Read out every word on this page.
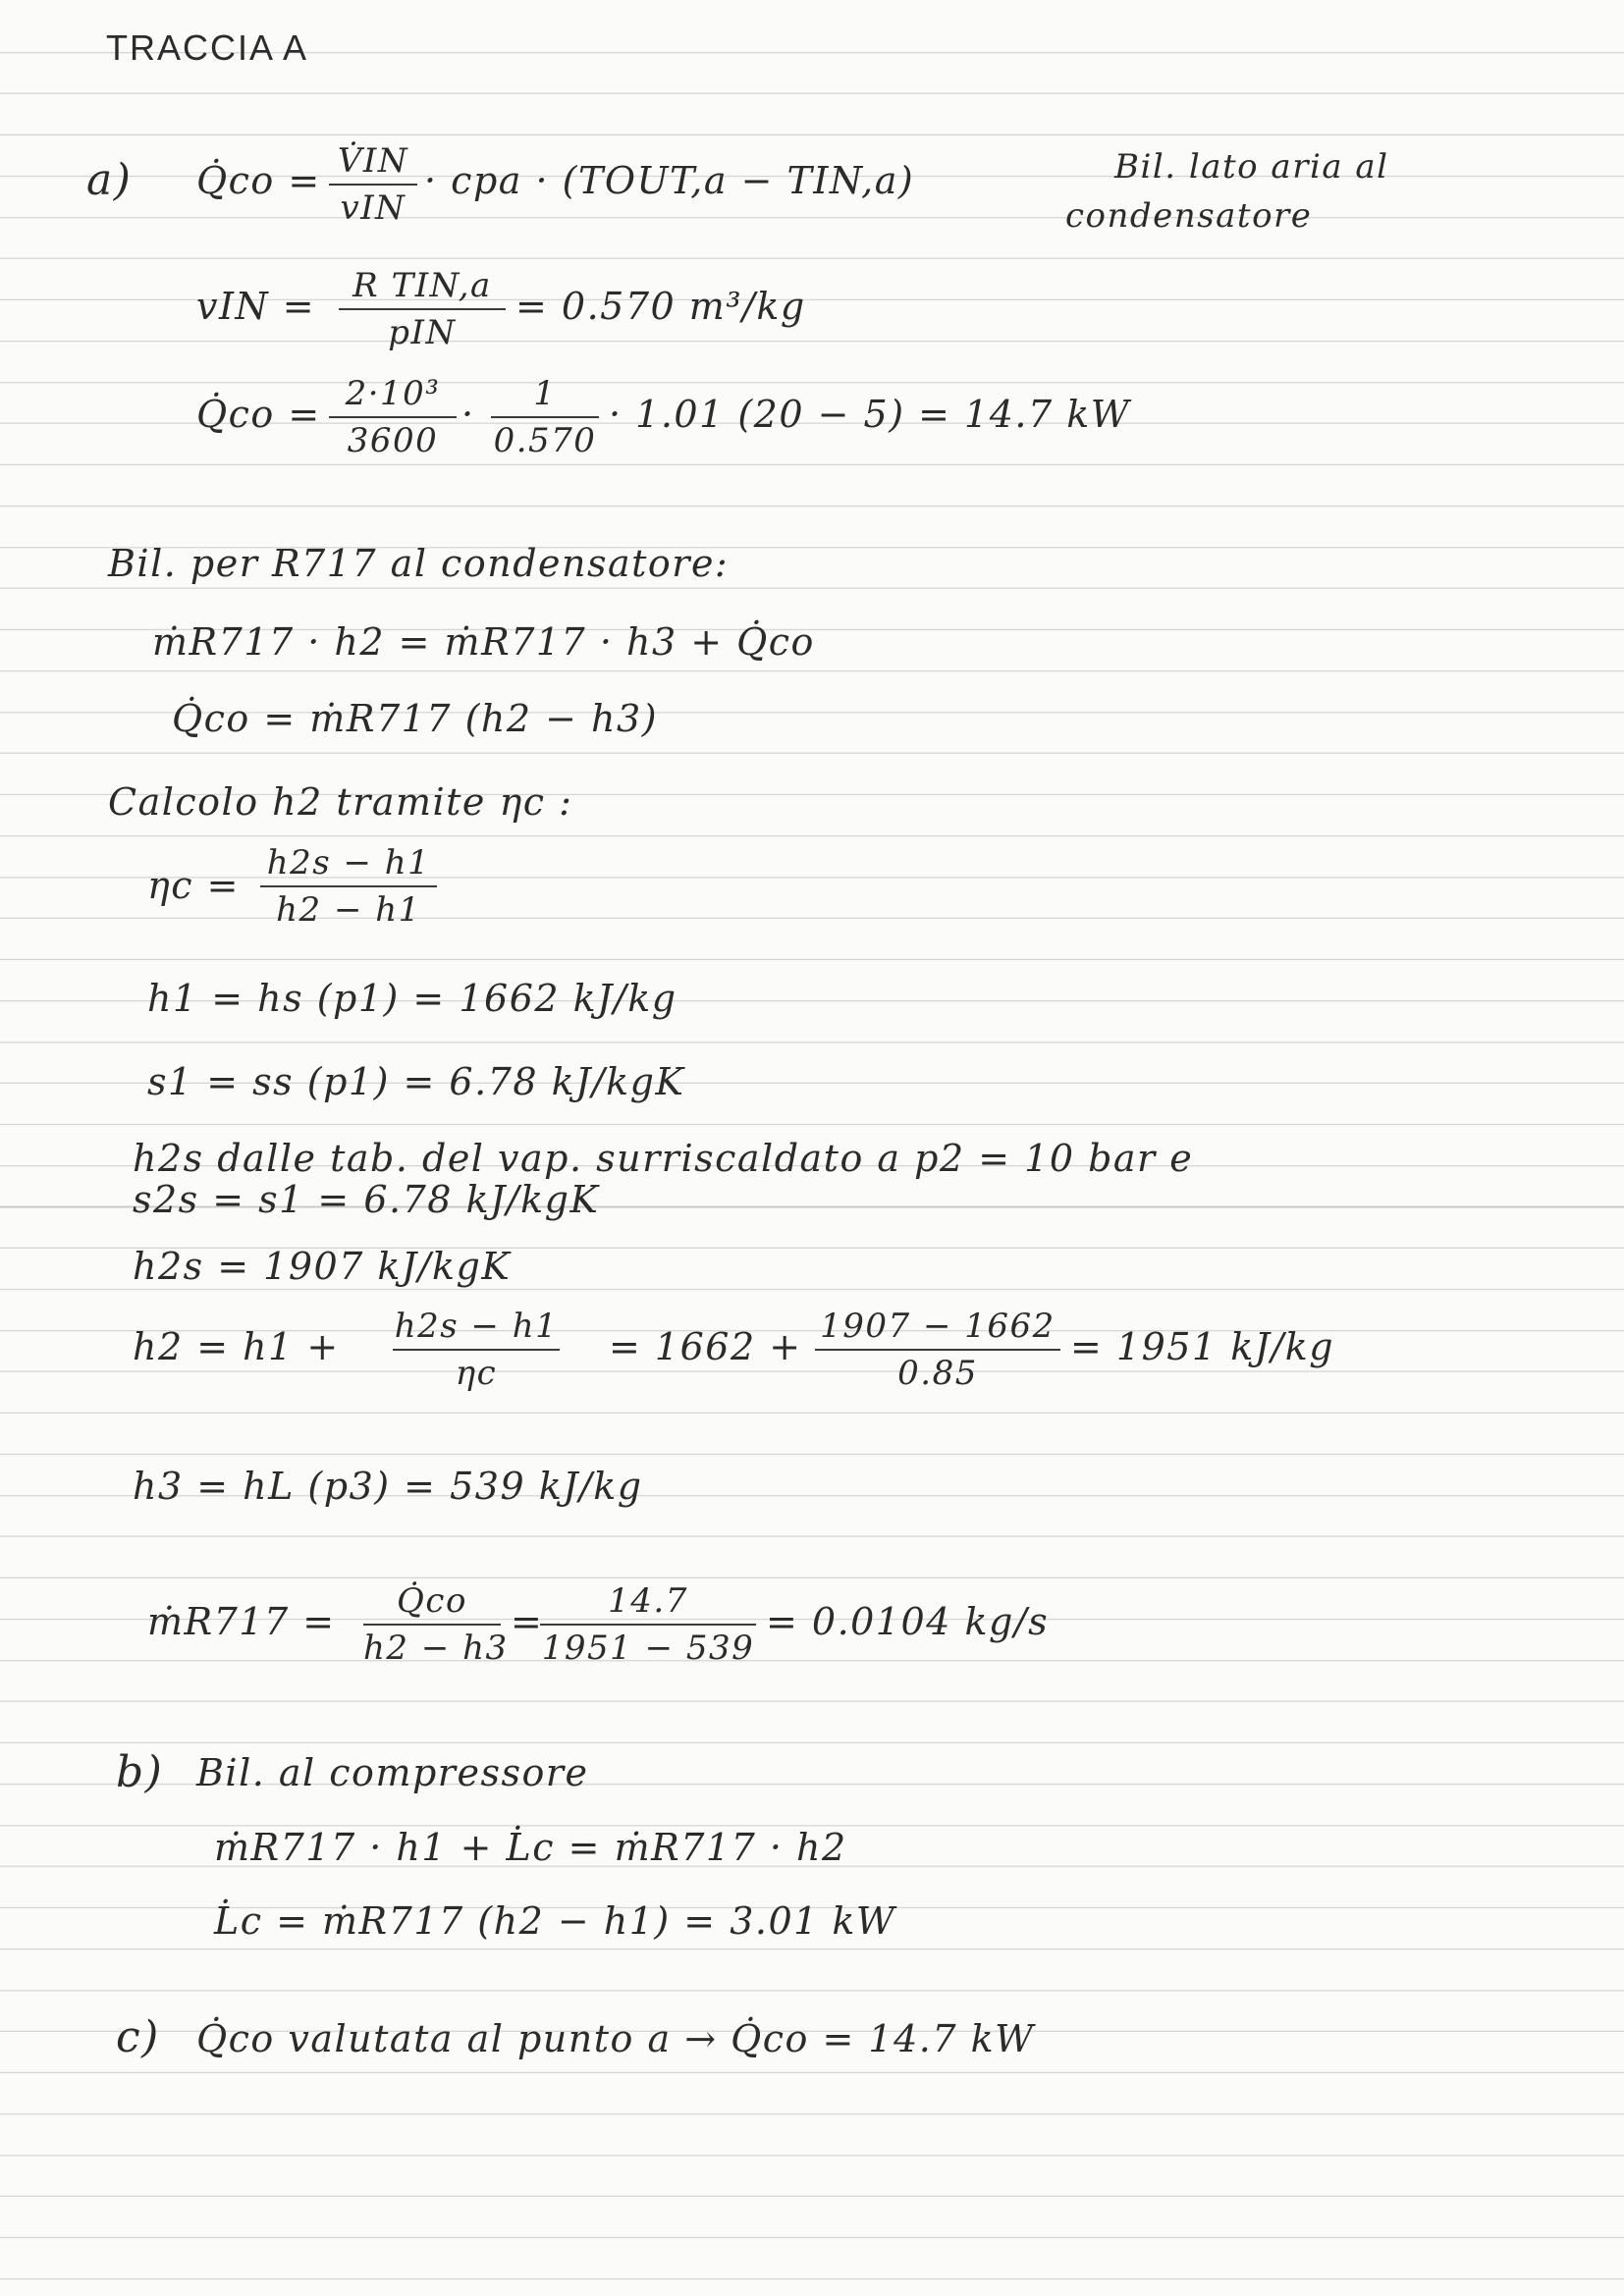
TRACCIA A
a) Q̇co = V̇IN
vIN
· cpa · (TOUT,a − TIN,a)	Bil. lato aria al
condensatore
vIN =	R TIN,a
pIN
= 0.570 m³/kg
Q̇co = 2·10³
3600
·	1
0.570
· 1.01 (20 − 5) = 14.7 kW
Bil. per R717 al condensatore:
ṁR717 · h2 = ṁR717 · h3 + Q̇co
Q̇co = ṁR717 (h2 − h3)
Calcolo h2 tramite ηc :
ηc =
h2s − h1
h2 − h1
h1 = hs (p1) = 1662 kJ/kg
s1 = ss (p1) = 6.78 kJ/kgK
h2s dalle tab. del vap. surriscaldato a p2 = 10 bar e
s2s = s1 = 6.78 kJ/kgK
h2s = 1907 kJ/kgK
h2 = h1 + h2s − h1
ηc
= 1662 + 1907 − 1662
0.85
= 1951 kJ/kg
h3 = hL (p3) = 539 kJ/kg
ṁR717 =	Q̇co
h2 − h3
=	14.7
1951 − 539
= 0.0104 kg/s
b) Bil. al compressore
ṁR717 · h1 + L̇c = ṁR717 · h2
L̇c = ṁR717 (h2 − h1) = 3.01 kW
c) Q̇co valutata al punto a → Q̇co = 14.7 kW
